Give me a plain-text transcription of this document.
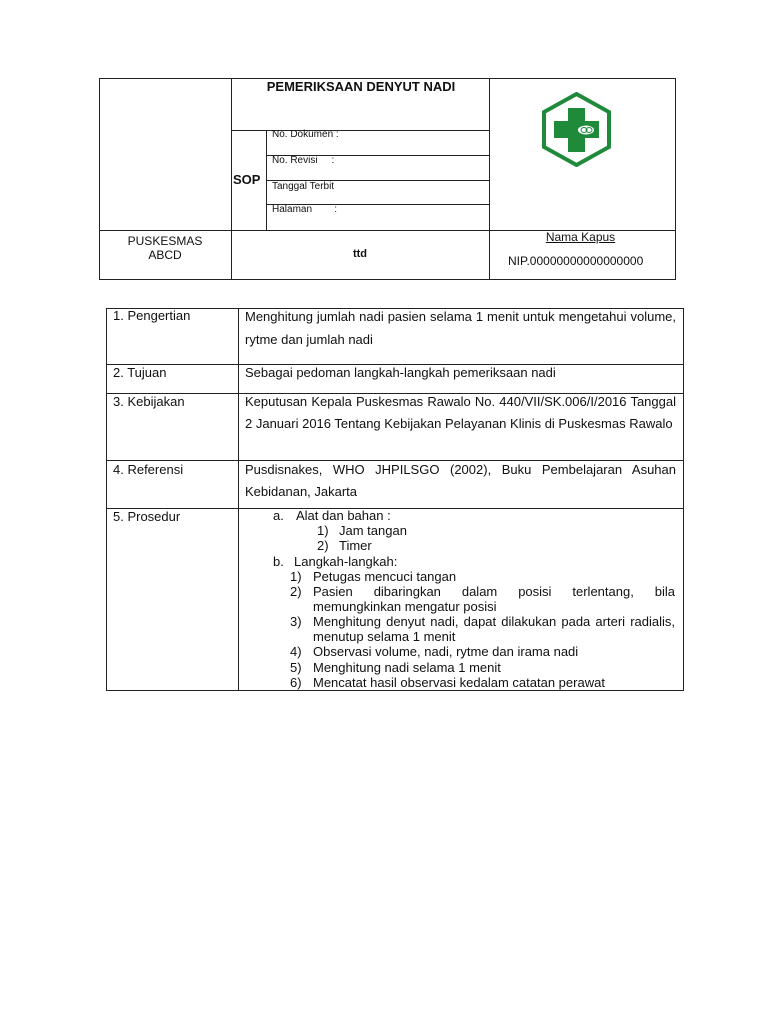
PEMERIKSAAN DENYUT NADI
SOP
No. Dokumen :
No. Revisi     :
Tanggal Terbit
Halaman        :
PUSKESMAS
ABCD	ttd
Nama Kapus
NIP.00000000000000000
1. Pengertian
2. Tujuan
3. Kebijakan
4. Referensi
5. Prosedur
Menghitung jumlah nadi pasien selama 1 menit untuk mengetahui volume, rytme dan jumlah nadi
Sebagai pedoman langkah-langkah pemeriksaan nadi
Keputusan Kepala Puskesmas Rawalo No. 440/VII/SK.006/I/2016 Tanggal 2 Januari 2016 Tentang Kebijakan Pelayanan Klinis di Puskesmas Rawalo
Pusdisnakes, WHO JHPILSGO (2002), Buku Pembelajaran Asuhan Kebidanan, Jakarta
a. Alat dan bahan :
1) Jam tangan
2) Timer
b. Langkah-langkah:
1) Petugas mencuci tangan
2) Pasien dibaringkan dalam posisi terlentang, bila memungkinkan mengatur posisi
3) Menghitung denyut nadi, dapat dilakukan pada arteri radialis, menutup selama 1 menit
4) Observasi volume, nadi, rytme dan irama nadi
5) Menghitung nadi selama 1 menit
6) Mencatat hasil observasi kedalam catatan perawat
